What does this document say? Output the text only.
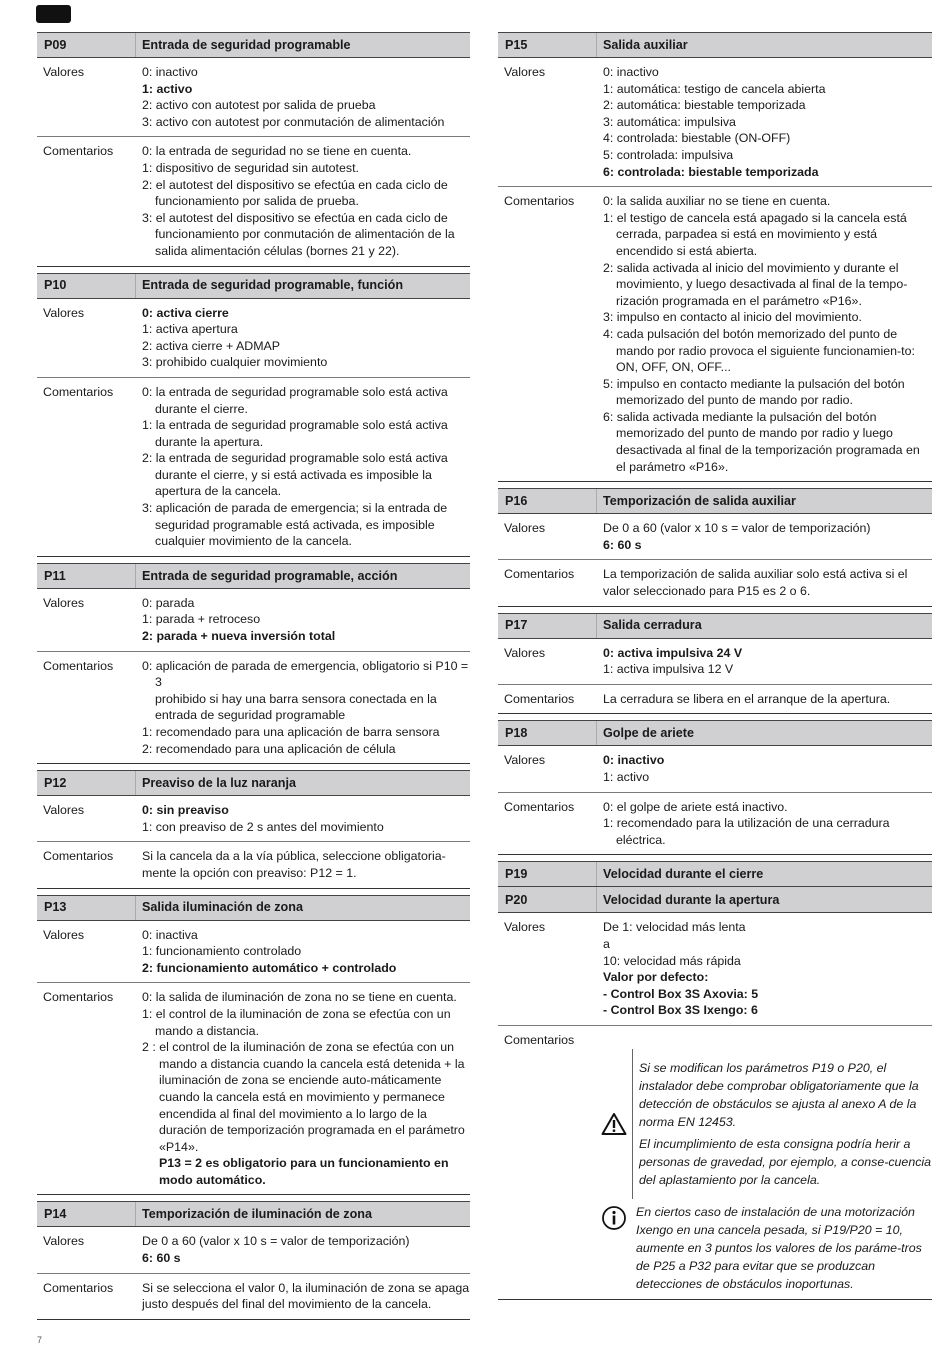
P09	Entrada de seguridad programable
Valores	0: inactivo
1: activo
2: activo con autotest por salida de prueba
3: activo con autotest por conmutación de alimentación
Comentarios	0: la entrada de seguridad no se tiene en cuenta.
1: dispositivo de seguridad sin autotest.
2: el autotest del dispositivo se efectúa en cada ciclo de funcionamiento por salida de prueba.
3: el autotest del dispositivo se efectúa en cada ciclo de funcionamiento por conmutación de alimentación de la salida alimentación células (bornes 21 y 22).
P10	Entrada de seguridad programable, función
Valores	0: activa cierre
1: activa apertura
2: activa cierre + ADMAP
3: prohibido cualquier movimiento
Comentarios	0: la entrada de seguridad programable solo está activa durante el cierre.
1: la entrada de seguridad programable solo está activa durante la apertura.
2: la entrada de seguridad programable solo está activa durante el cierre, y si está activada es imposible la apertura de la cancela.
3: aplicación de parada de emergencia; si la entrada de seguridad programable está activada, es imposible cualquier movimiento de la cancela.
P11	Entrada de seguridad programable, acción
Valores	0: parada
1: parada + retroceso
2: parada + nueva inversión total
Comentarios	0: aplicación de parada de emergencia, obligatorio si P10 = 3
prohibido si hay una barra sensora conectada en la entrada de seguridad programable
1: recomendado para una aplicación de barra sensora
2: recomendado para una aplicación de célula
P12	Preaviso de la luz naranja
Valores	0: sin preaviso
1: con preaviso de 2 s antes del movimiento
Comentarios	Si la cancela da a la vía pública, seleccione obligatoria-mente la opción con preaviso: P12 = 1.
P13	Salida iluminación de zona
Valores	0: inactiva
1: funcionamiento controlado
2: funcionamiento automático + controlado
Comentarios	0: la salida de iluminación de zona no se tiene en cuenta.
1: el control de la iluminación de zona se efectúa con un mando a distancia.
2 : el control de la iluminación de zona se efectúa con un mando a distancia cuando la cancela está detenida + la iluminación de zona se enciende auto-máticamente cuando la cancela está en movimiento y permanece encendida al final del movimiento a lo largo de la duración de temporización programada en el parámetro «P14».
P13 = 2 es obligatorio para un funcionamiento en modo automático.
P14	Temporización de iluminación de zona
Valores	De 0 a 60 (valor x 10 s = valor de temporización)
6: 60 s
Comentarios	Si se selecciona el valor 0, la iluminación de zona se apaga justo después del final del movimiento de la cancela.
P15	Salida auxiliar
Valores	0: inactivo
1: automática: testigo de cancela abierta
2: automática: biestable temporizada
3: automática: impulsiva
4: controlada: biestable (ON-OFF)
5: controlada: impulsiva
6: controlada: biestable temporizada
Comentarios	0: la salida auxiliar no se tiene en cuenta.
1: el testigo de cancela está apagado si la cancela está cerrada, parpadea si está en movimiento y está encendido si está abierta.
2: salida activada al inicio del movimiento y durante el movimiento, y luego desactivada al final de la tempo-rización programada en el parámetro «P16».
3: impulso en contacto al inicio del movimiento.
4: cada pulsación del botón memorizado del punto de mando por radio provoca el siguiente funcionamien-to: ON, OFF, ON, OFF...
5: impulso en contacto mediante la pulsación del botón memorizado del punto de mando por radio.
6: salida activada mediante la pulsación del botón memorizado del punto de mando por radio y luego desactivada al final de la temporización programada en el parámetro «P16».
P16	Temporización de salida auxiliar
Valores	De 0 a 60 (valor x 10 s = valor de temporización)
6: 60 s
Comentarios	La temporización de salida auxiliar solo está activa si el valor seleccionado para P15 es 2 o 6.
P17	Salida cerradura
Valores	0: activa impulsiva 24 V
1: activa impulsiva 12 V
Comentarios	La cerradura se libera en el arranque de la apertura.
P18	Golpe de ariete
Valores	0: inactivo
1: activo
Comentarios	0: el golpe de ariete está inactivo.
1: recomendado para la utilización de una cerradura eléctrica.
P19	Velocidad durante el cierre
P20	Velocidad durante la apertura
Valores	De 1: velocidad más lenta
a
10: velocidad más rápida
Valor por defecto:
- Control Box 3S Axovia: 5
- Control Box 3S Ixengo: 6
Comentarios

Si se modifican los parámetros P19 o P20, el instalador debe comprobar obligatoriamente que la detección de obstáculos se ajusta al anexo A de la norma EN 12453.

El incumplimiento de esta consigna podría herir a personas de gravedad, por ejemplo, a conse-cuencia del aplastamiento por la cancela.

En ciertos caso de instalación de una motorización Ixengo en una cancela pesada, si P19/P20 = 10, aumente en 3 puntos los valores de los paráme-tros de P25 a P32 para evitar que se produzcan detecciones de obstáculos inoportunas.
7
